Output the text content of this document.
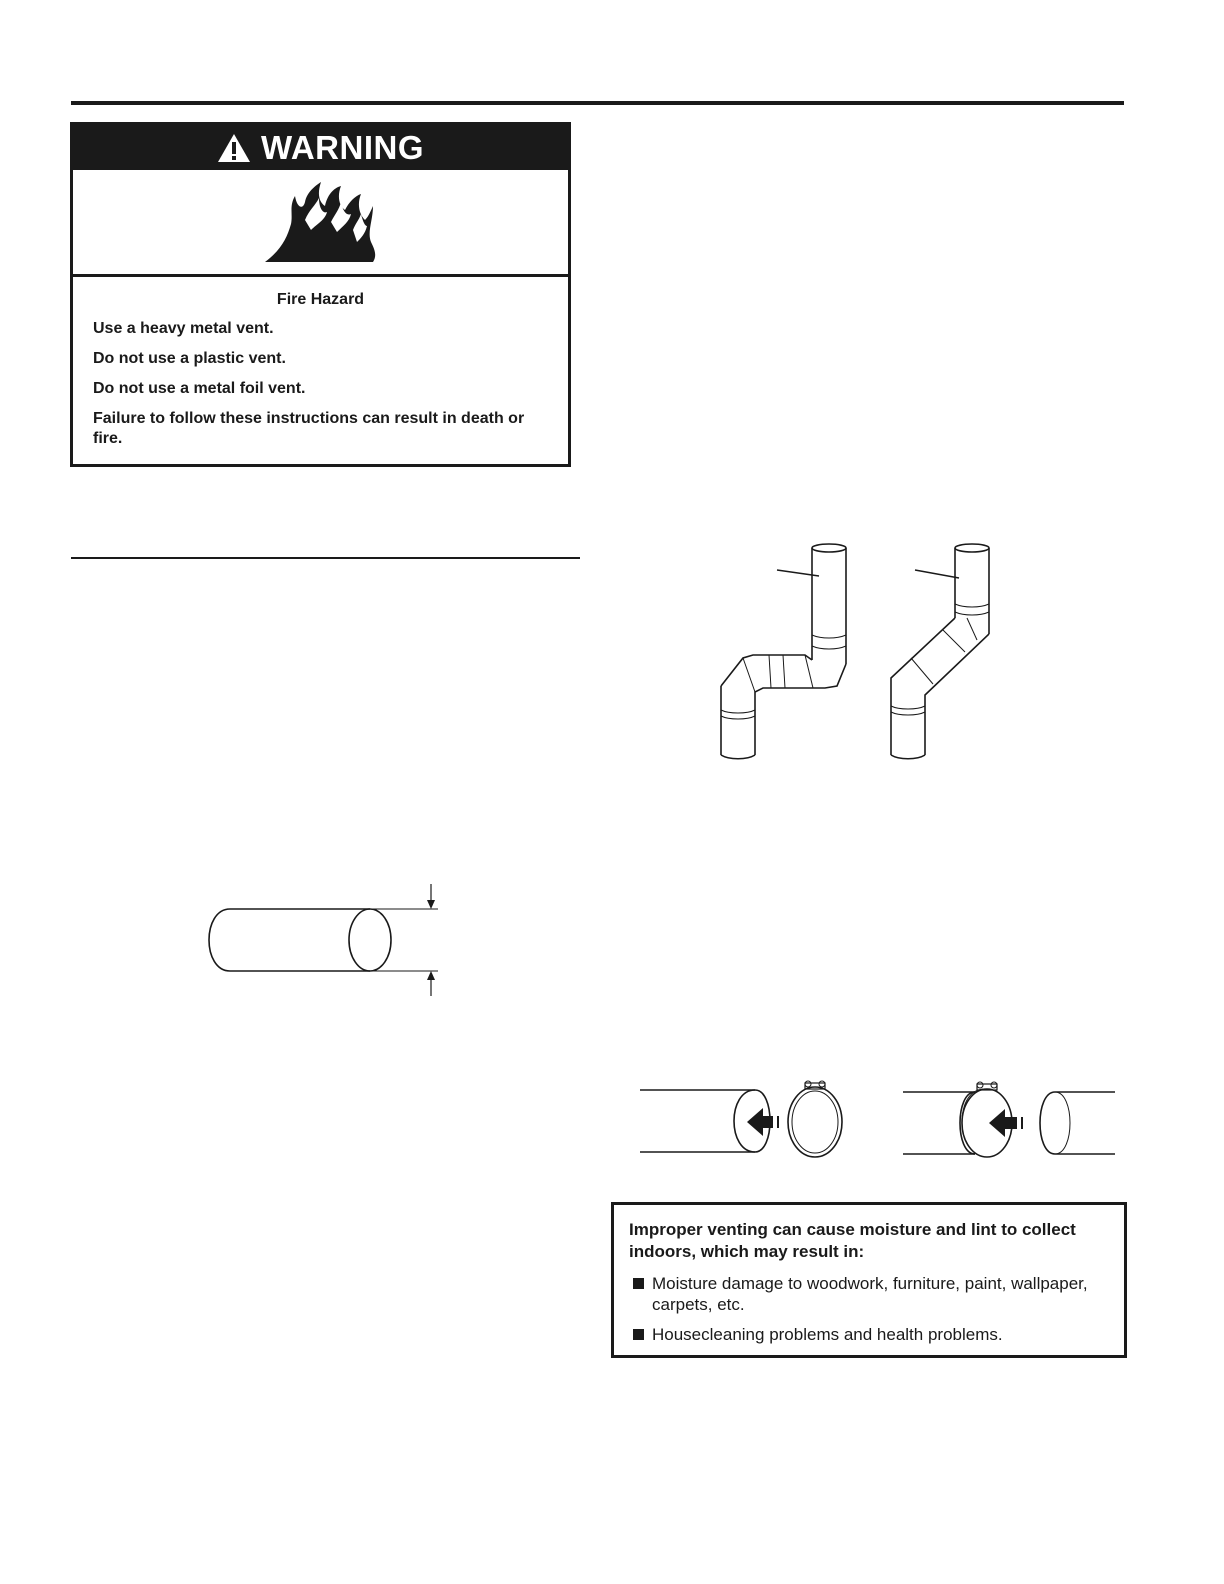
WARNING
Fire Hazard
Use a heavy metal vent.
Do not use a plastic vent.
Do not use a metal foil vent.
Failure to follow these instructions can result in death or fire.
Improper venting can cause moisture and lint to collect indoors, which may result in:
Moisture damage to woodwork, furniture, paint, wallpaper, carpets, etc.
Housecleaning problems and health problems.
